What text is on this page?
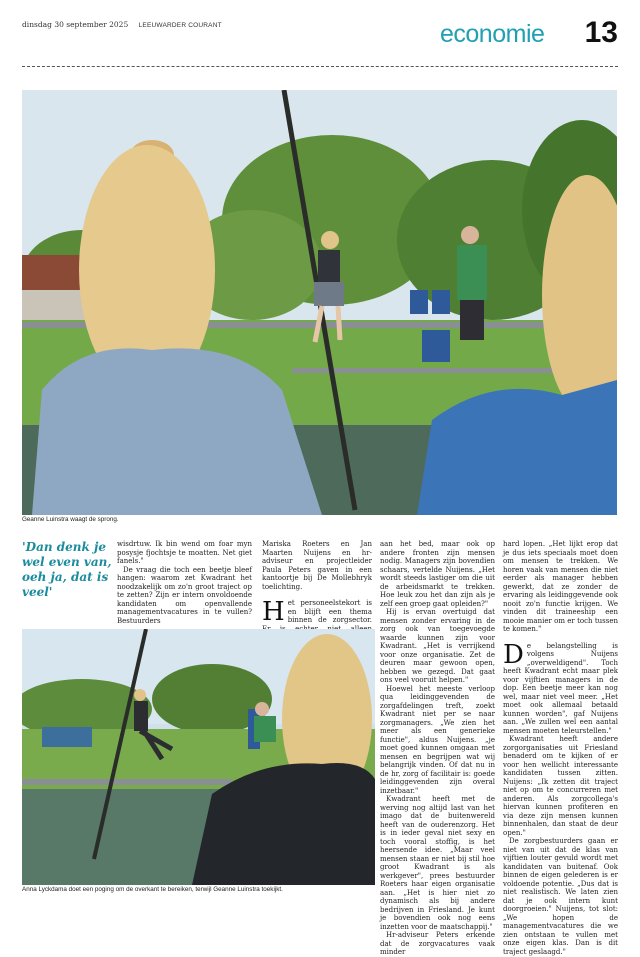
dinsdag 30 september 2025 LEEUWARDER COURANT	economie 13
Geanne Luinstra waagt de sprong.
'Dan denk je wel even van, oeh ja, dat is veel'

wisdrtuw. Ik bin wend om foar myn posysje fjochtsje te moatten. Net giet fanels."

De vraag die toch een beetje bleef hangen: waarom zet Kwadrant het noodzakelijk om zo'n groot traject op te zetten? Zijn er intern onvoldoende kandidaten om openvallende managementvacatures in te vullen? Bestuurders

Mariska Roeters en Jan Maarten Nuijens en hr-adviseur en projectleider Paula Peters gaven in een kantoortje bij De Mollebhryk toelichting.

Het personeelstekort is en blijft een thema binnen de zorgsector.

aan het bed, maar ook op andere fronten zijn mensen nodig. Managers zijn bovendien schaars, vertelde Nuijens. „Het wordt steeds lastiger om die uit de arbeidsmarkt te trekken. Hoe leuk zou het dan zijn als je zelf een groep gaat opleiden?"

Hij is ervan overtuigd dat mensen zonder ervaring in de zorg ook van toegevoegde waarde kunnen zijn voor Kwadrant. „Het is verrijkend voor onze organisatie. Zet de deuren maar gewoon open, hebben we gezegd. Dat gaat ons veel vooruit helpen."

Hoewel het meeste verloop qua leidinggevenden de zorgafdelingen treft, zoekt Kwadrant niet per se naar zorgmanagers. „We zien het meer als een generieke functie", aldus Nuijens. „je moet goed kunnen omgaan met mensen en begrijpen wat wij belangrijk vinden. Of dat nu in de hr, zorg of facilitair is: goede leidinggevenden zijn overal inzetbaar."

Kwadrant heeft met de werving nog altijd last van het imago dat de buitenwereld heeft van de ouderenzorg. Het is in ieder geval niet sexy en toch vooral stoffig, is het heersende idee. „Maar veel mensen staan er niet bij stil hoe groot Kwadrant is als werkgever", prees bestuurder Roeters haar eigen organisatie aan. „Het is hier niet zo dynamisch als bij andere bedrijven in Friesland. Je kunt je bovendien ook nog eens inzetten voor de maatschappij."

Hr-adviseur Peters erkende dat de zorgvacatures vaak minder

hard lopen. „Het lijkt erop dat je dus iets speciaals moet doen om mensen te trekken. We horen vaak van mensen die niet eerder als manager hebben gewerkt, dat ze zonder de ervaring als leidinggevende ook nooit zo'n functie krijgen. We vinden dit traineeship een mooie manier om er toch tussen te komen."

De belangstelling is volgens Nuijens „overweldigend". Toch heeft Kwadrant echt maar plek voor vijftien managers in de dop. Een beetje meer kan nog wel, maar niet veel meer. „Het moet ook allemaal betaald kunnen worden", gaf Nuijens aan. „We zullen wel een aantal mensen moeten teleurstellen."

Kwadrant heeft andere zorgorganisaties uit Friesland benaderd om te kijken of er voor hen wellicht interessante kandidaten tussen zitten. Nuijens: „Ik zetten dit traject niet op om te concurreren met anderen. Als zorgcollega's hiervan kunnen profiteren en via deze zijn mensen kunnen binnenhalen, dan staat de deur open."

De zorgbestuurders gaan er niet van uit dat de klas van vijftien louter gevuld wordt met kandidaten van buitenaf. Ook binnen de eigen gelederen is er voldoende potentie. „Dus dat is niet realistisch. We laten zien dat je ook intern kunt doorgroeien." Nuijens, tot slot: „We hopen de managementvacatures die we zien ontstaan te vullen met onze eigen klas. Dan is dit traject geslaagd."

Anna Lyckdama doet een poging om de overkant te bereiken, terwijl Geanne Luinstra toekijkt.
